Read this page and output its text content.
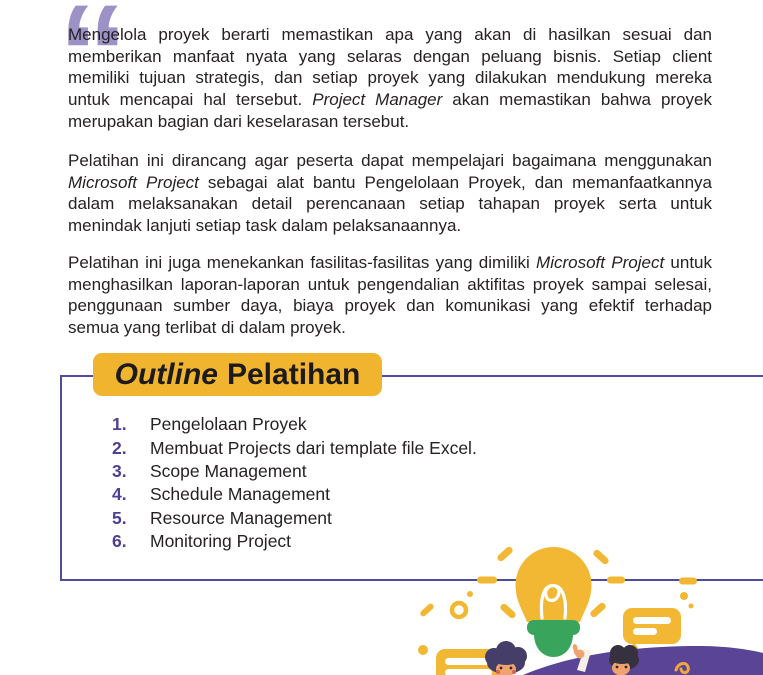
“

Mengelola proyek berarti memastikan apa yang akan di hasilkan sesuai dan memberikan manfaat nyata yang selaras dengan peluang bisnis. Setiap client memiliki tujuan strategis, dan setiap proyek yang dilakukan mendukung mereka untuk mencapai hal tersebut. Project Manager akan memastikan bahwa proyek merupakan bagian dari keselarasan tersebut.

Pelatihan ini dirancang agar peserta dapat mempelajari bagaimana menggunakan Microsoft Project sebagai alat bantu Pengelolaan Proyek, dan memanfaatkannya dalam melaksanakan detail perencanaan setiap tahapan proyek serta untuk menindak lanjuti setiap task dalam pelaksanaannya.

Pelatihan ini juga menekankan fasilitas-fasilitas yang dimiliki Microsoft Project untuk menghasilkan laporan-laporan untuk pengendalian aktifitas proyek sampai selesai, penggunaan sumber daya, biaya proyek dan komunikasi yang efektif terhadap semua yang terlibat di dalam proyek.

Outline Pelatihan
1.	Pengelolaan Proyek
2.	Membuat Projects dari template file Excel.
3.	Scope Management
4.	Schedule Management
5.	Resource Management
6.	Monitoring Project
